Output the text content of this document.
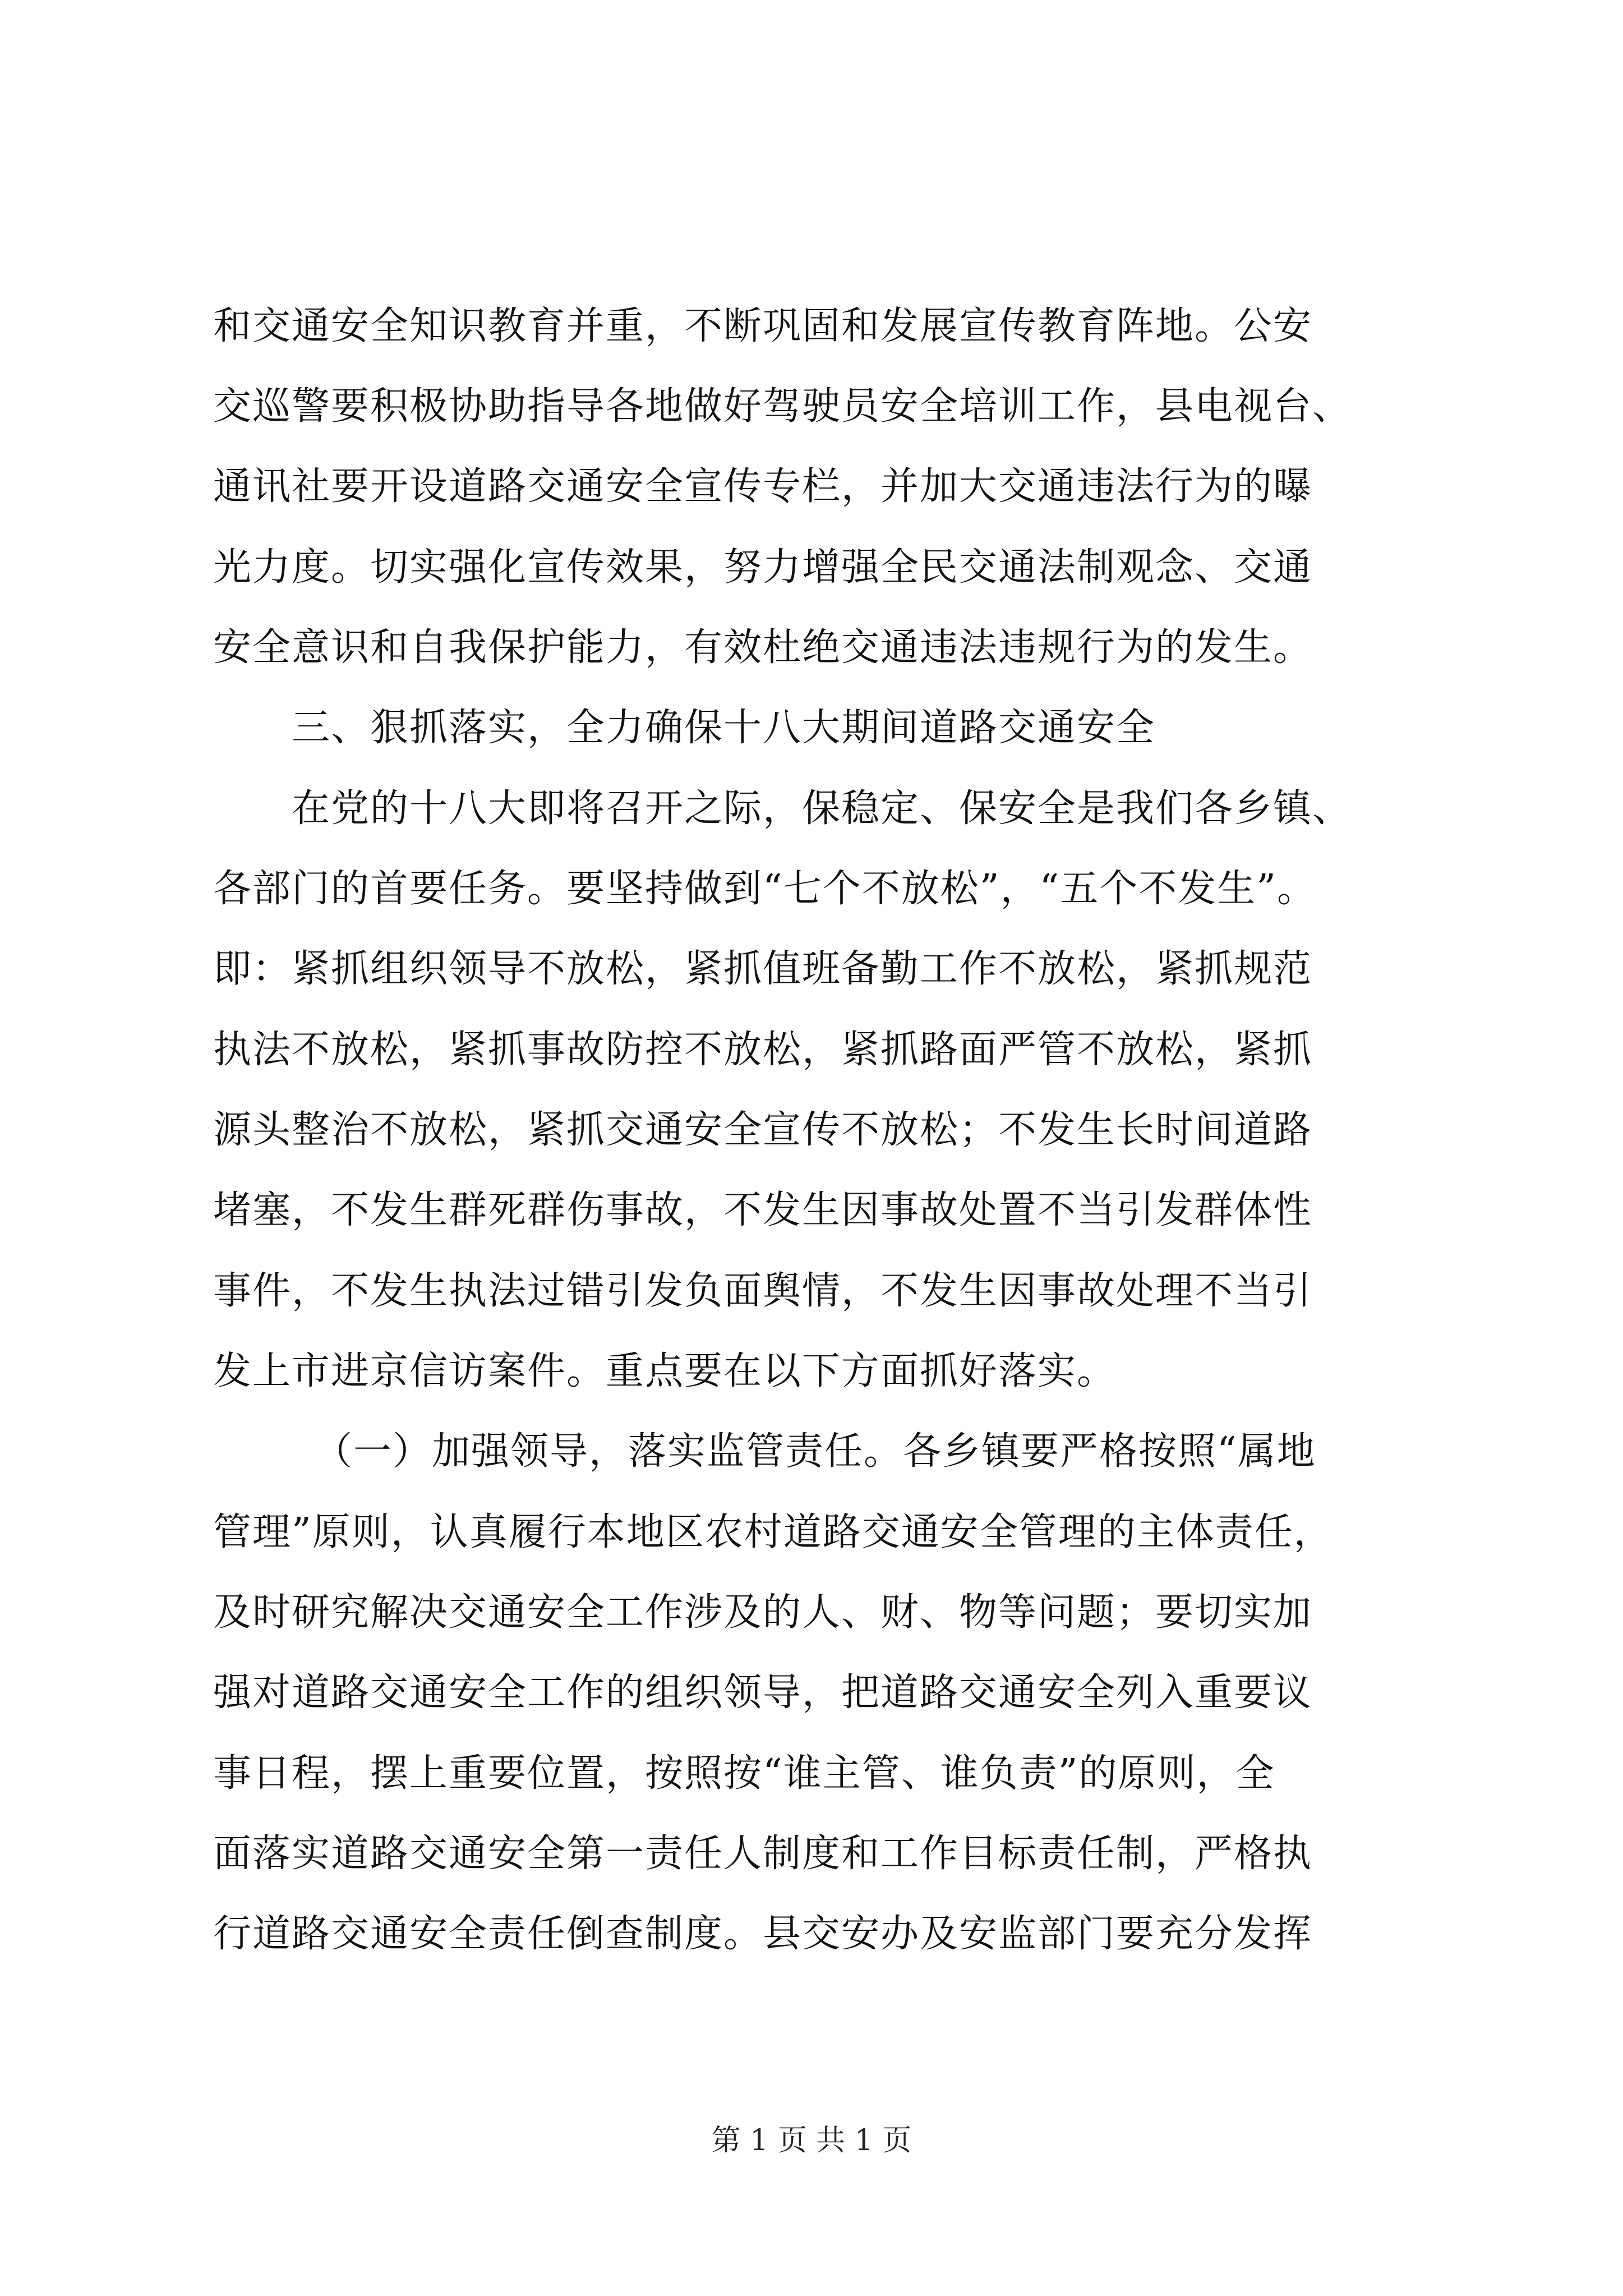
和交通安全知识教育并重，不断巩固和发展宣传教育阵地。公安
交巡警要积极协助指导各地做好驾驶员安全培训工作，县电视台、
通讯社要开设道路交通安全宣传专栏，并加大交通违法行为的曝
光力度。切实强化宣传效果，努力增强全民交通法制观念、交通
安全意识和自我保护能力，有效杜绝交通违法违规行为的发生。
三、狠抓落实，全力确保十八大期间道路交通安全
在党的十八大即将召开之际，保稳定、保安全是我们各乡镇、
各部门的首要任务。要坚持做到“七个不放松”，“五个不发生”。
即：紧抓组织领导不放松，紧抓值班备勤工作不放松，紧抓规范
执法不放松，紧抓事故防控不放松，紧抓路面严管不放松，紧抓
源头整治不放松，紧抓交通安全宣传不放松；不发生长时间道路
堵塞，不发生群死群伤事故，不发生因事故处置不当引发群体性
事件，不发生执法过错引发负面舆情，不发生因事故处理不当引
发上市进京信访案件。重点要在以下方面抓好落实。
（一）加强领导，落实监管责任。各乡镇要严格按照“属地
管理”原则，认真履行本地区农村道路交通安全管理的主体责任，
及时研究解决交通安全工作涉及的人、财、物等问题；要切实加
强对道路交通安全工作的组织领导，把道路交通安全列入重要议
事日程，摆上重要位置，按照按“谁主管、谁负责”的原则，全
面落实道路交通安全第一责任人制度和工作目标责任制，严格执
行道路交通安全责任倒查制度。县交安办及安监部门要充分发挥
第 1 页 共 1 页
